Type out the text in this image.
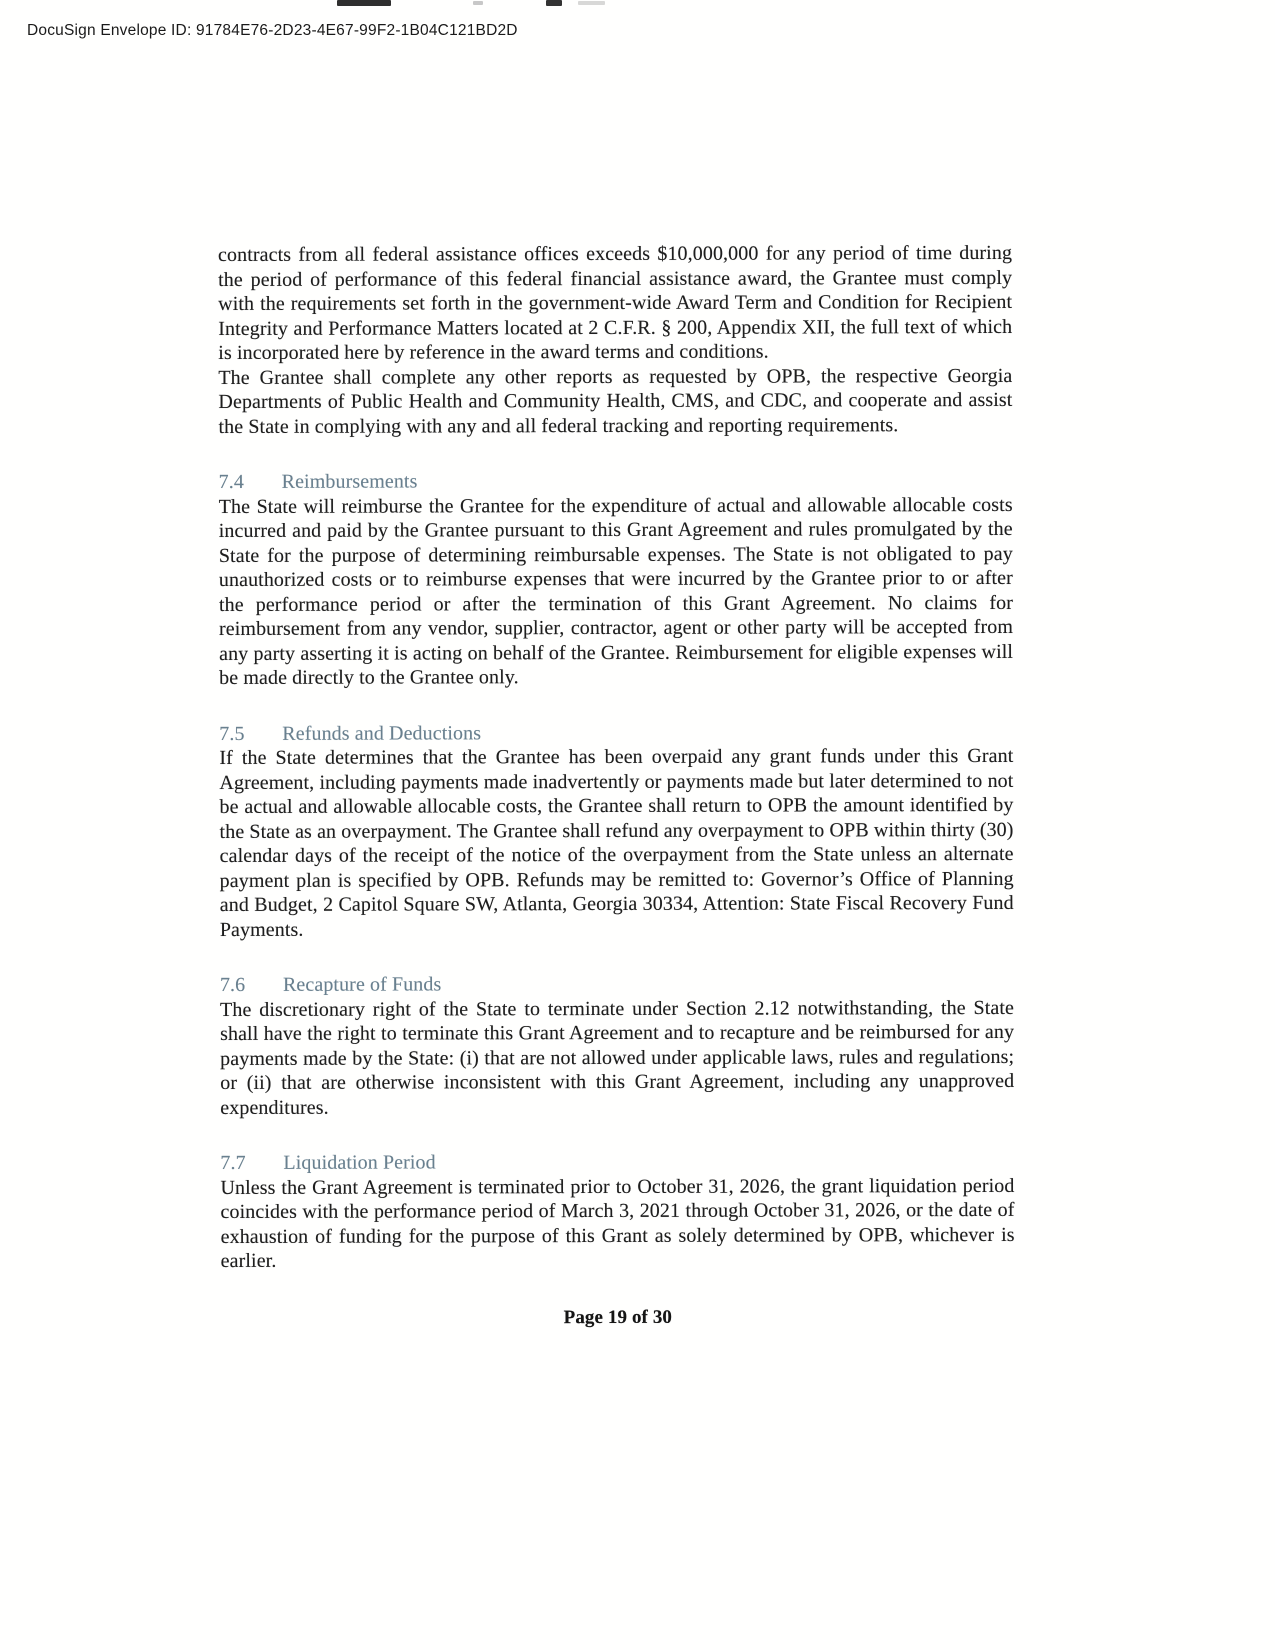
DocuSign Envelope ID: 91784E76-2D23-4E67-99F2-1B04C121BD2D

contracts from all federal assistance offices exceeds $10,000,000 for any period of time during the period of performance of this federal financial assistance award, the Grantee must comply with the requirements set forth in the government-wide Award Term and Condition for Recipient Integrity and Performance Matters located at 2 C.F.R. § 200, Appendix XII, the full text of which is incorporated here by reference in the award terms and conditions.

The Grantee shall complete any other reports as requested by OPB, the respective Georgia Departments of Public Health and Community Health, CMS, and CDC, and cooperate and assist the State in complying with any and all federal tracking and reporting requirements.

7.4 Reimbursements

The State will reimburse the Grantee for the expenditure of actual and allowable allocable costs incurred and paid by the Grantee pursuant to this Grant Agreement and rules promulgated by the State for the purpose of determining reimbursable expenses. The State is not obligated to pay unauthorized costs or to reimburse expenses that were incurred by the Grantee prior to or after the performance period or after the termination of this Grant Agreement. No claims for reimbursement from any vendor, supplier, contractor, agent or other party will be accepted from any party asserting it is acting on behalf of the Grantee. Reimbursement for eligible expenses will be made directly to the Grantee only.

7.5 Refunds and Deductions

If the State determines that the Grantee has been overpaid any grant funds under this Grant Agreement, including payments made inadvertently or payments made but later determined to not be actual and allowable allocable costs, the Grantee shall return to OPB the amount identified by the State as an overpayment. The Grantee shall refund any overpayment to OPB within thirty (30) calendar days of the receipt of the notice of the overpayment from the State unless an alternate payment plan is specified by OPB. Refunds may be remitted to: Governor’s Office of Planning and Budget, 2 Capitol Square SW, Atlanta, Georgia 30334, Attention: State Fiscal Recovery Fund Payments.

7.6 Recapture of Funds

The discretionary right of the State to terminate under Section 2.12 notwithstanding, the State shall have the right to terminate this Grant Agreement and to recapture and be reimbursed for any payments made by the State: (i) that are not allowed under applicable laws, rules and regulations; or (ii) that are otherwise inconsistent with this Grant Agreement, including any unapproved expenditures.

7.7 Liquidation Period

Unless the Grant Agreement is terminated prior to October 31, 2026, the grant liquidation period coincides with the performance period of March 3, 2021 through October 31, 2026, or the date of exhaustion of funding for the purpose of this Grant as solely determined by OPB, whichever is earlier.

Page 19 of 30
